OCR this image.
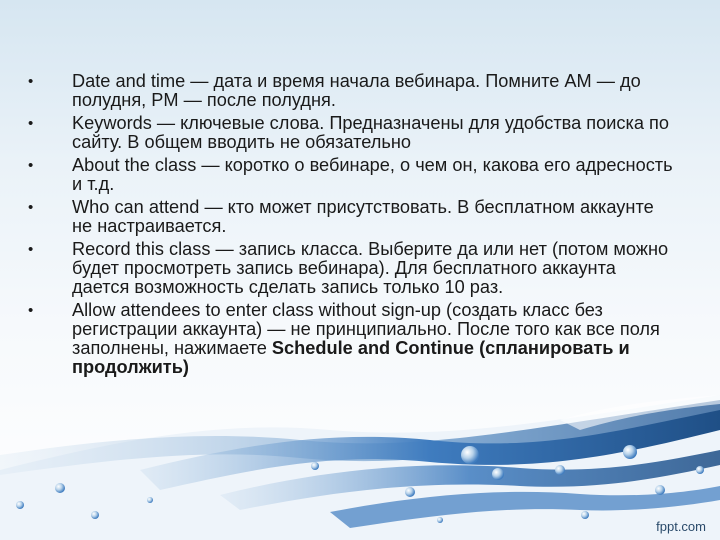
• Date and time — дата и время начала вебинара. Помните AM — до полудня, PM — после полудня.
• Keywords — ключевые слова. Предназначены для удобства поиска по сайту. В общем вводить не обязательно
• About the class — коротко о вебинаре, о чем он, какова его адресность и т.д.
• Who can attend — кто может присутствовать. В бесплатном аккаунте не настраивается.
• Record this class — запись класса. Выберите да или нет (потом можно будет просмотреть запись вебинара). Для бесплатного аккаунта дается возможность сделать запись только 10 раз.
• Allow attendees to enter class without sign-up (создать класс без регистрации аккаунта) — не принципиально. После того как все поля заполнены, нажимаете Schedule and Continue (спланировать и продолжить)
fppt.com
